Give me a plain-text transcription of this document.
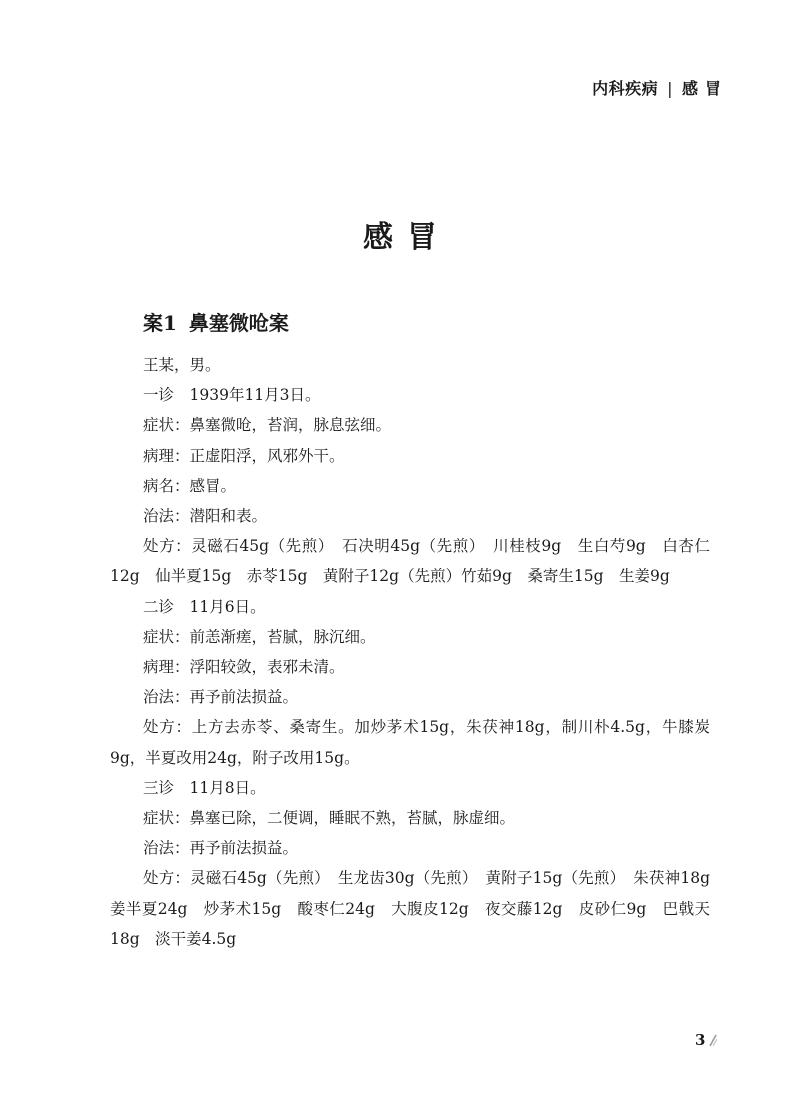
内科疾病 | 感冒
感冒
案1 鼻塞微呛案

王某，男。

一诊　1939年11月3日。

症状：鼻塞微呛，苔润，脉息弦细。

病理：正虚阳浮，风邪外干。

病名：感冒。

治法：潜阳和表。

处方：灵磁石45g（先煎）　石决明45g（先煎）　川桂枝9g　生白芍9g　白杏仁12g　仙半夏15g　赤苓15g　黄附子12g（先煎）竹茹9g　桑寄生15g　生姜9g

二诊　11月6日。

症状：前恙渐瘥，苔腻，脉沉细。

病理：浮阳较敛，表邪未清。

治法：再予前法损益。

处方：上方去赤苓、桑寄生。加炒茅术15g，朱茯神18g，制川朴4.5g，牛膝炭9g，半夏改用24g，附子改用15g。

三诊　11月8日。

症状：鼻塞已除，二便调，睡眠不熟，苔腻，脉虚细。

治法：再予前法损益。

处方：灵磁石45g（先煎）　生龙齿30g（先煎）　黄附子15g（先煎）　朱茯神18g　姜半夏24g　炒茅术15g　酸枣仁24g　大腹皮12g　夜交藤12g　皮砂仁9g　巴戟天18g　淡干姜4.5g

3
